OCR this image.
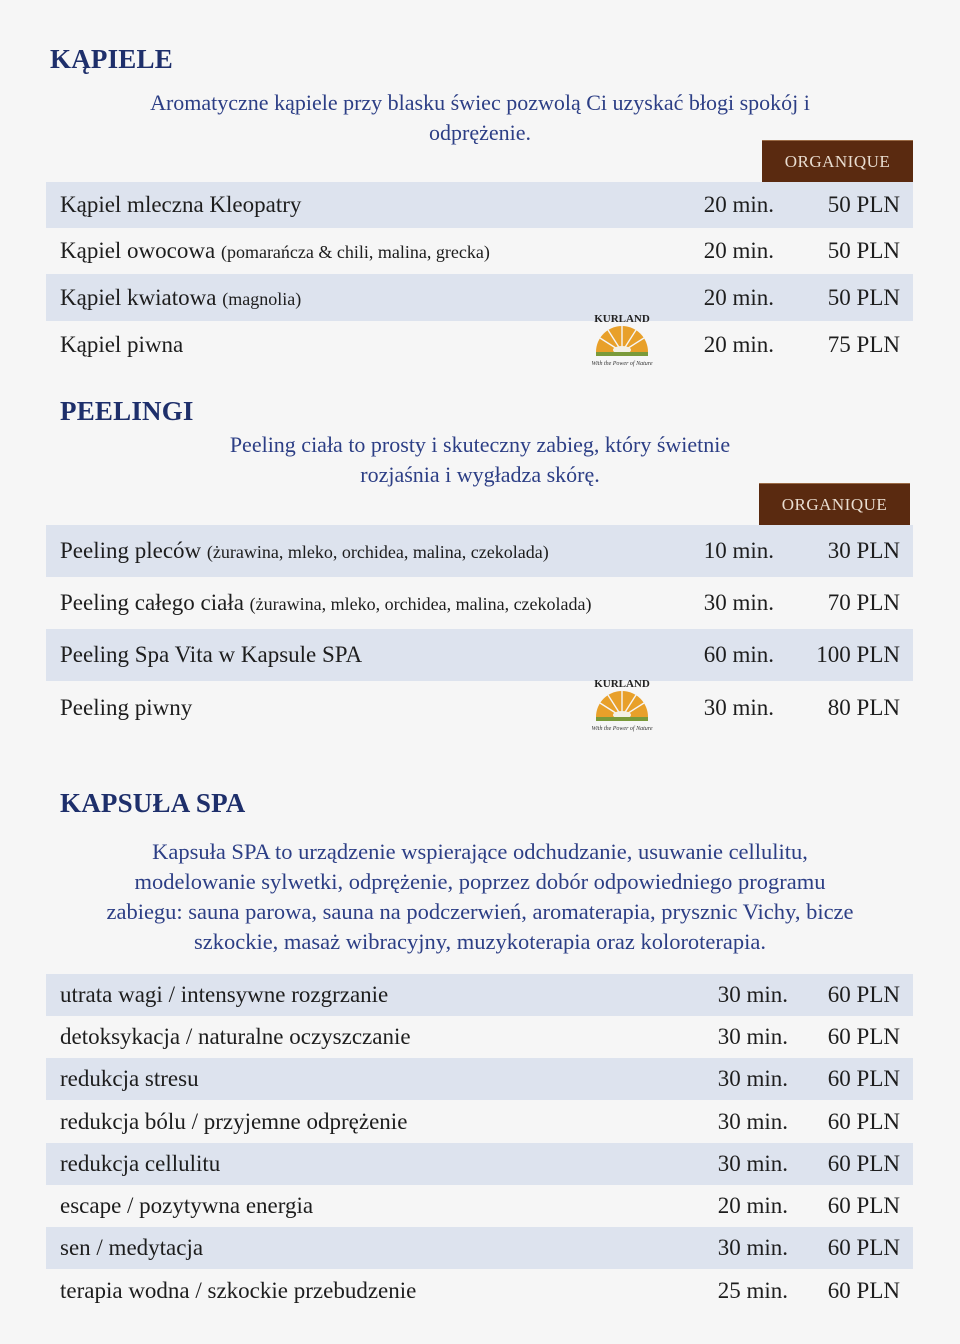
KĄPIELE
Aromatyczne kąpiele przy blasku świec pozwolą Ci uzyskać błogi spokój i
odprężenie.
ORGANIQUE
Kąpiel mleczna Kleopatry	20 min. 50 PLN
Kąpiel owocowa (pomarańcza & chili, malina, grecka)	20 min. 50 PLN
Kąpiel kwiatowa (magnolia)	20 min. 50 PLN
Kąpiel piwna	20 min. 75 PLN
KURLAND
With the Power of Nature
PEELINGI
Peeling ciała to prosty i skuteczny zabieg, który świetnie
rozjaśnia i wygładza skórę.
ORGANIQUE
Peeling pleców (żurawina, mleko, orchidea, malina, czekolada)	10 min. 30 PLN
Peeling całego ciała (żurawina, mleko, orchidea, malina, czekolada)	30 min. 70 PLN
Peeling Spa Vita w Kapsule SPA	60 min. 100 PLN
Peeling piwny	30 min. 80 PLN
KURLAND
With the Power of Nature
KAPSUŁA SPA
Kapsuła SPA to urządzenie wspierające odchudzanie, usuwanie cellulitu,
modelowanie sylwetki, odprężenie, poprzez dobór odpowiedniego programu
zabiegu: sauna parowa, sauna na podczerwień, aromaterapia, prysznic Vichy, bicze
szkockie, masaż wibracyjny, muzykoterapia oraz koloroterapia.
utrata wagi / intensywne rozgrzanie	30 min. 60 PLN
detoksykacja / naturalne oczyszczanie	30 min. 60 PLN
redukcja stresu	30 min. 60 PLN
redukcja bólu / przyjemne odprężenie	30 min. 60 PLN
redukcja cellulitu	30 min. 60 PLN
escape / pozytywna energia	20 min. 60 PLN
sen / medytacja	30 min. 60 PLN
terapia wodna / szkockie przebudzenie	25 min. 60 PLN
